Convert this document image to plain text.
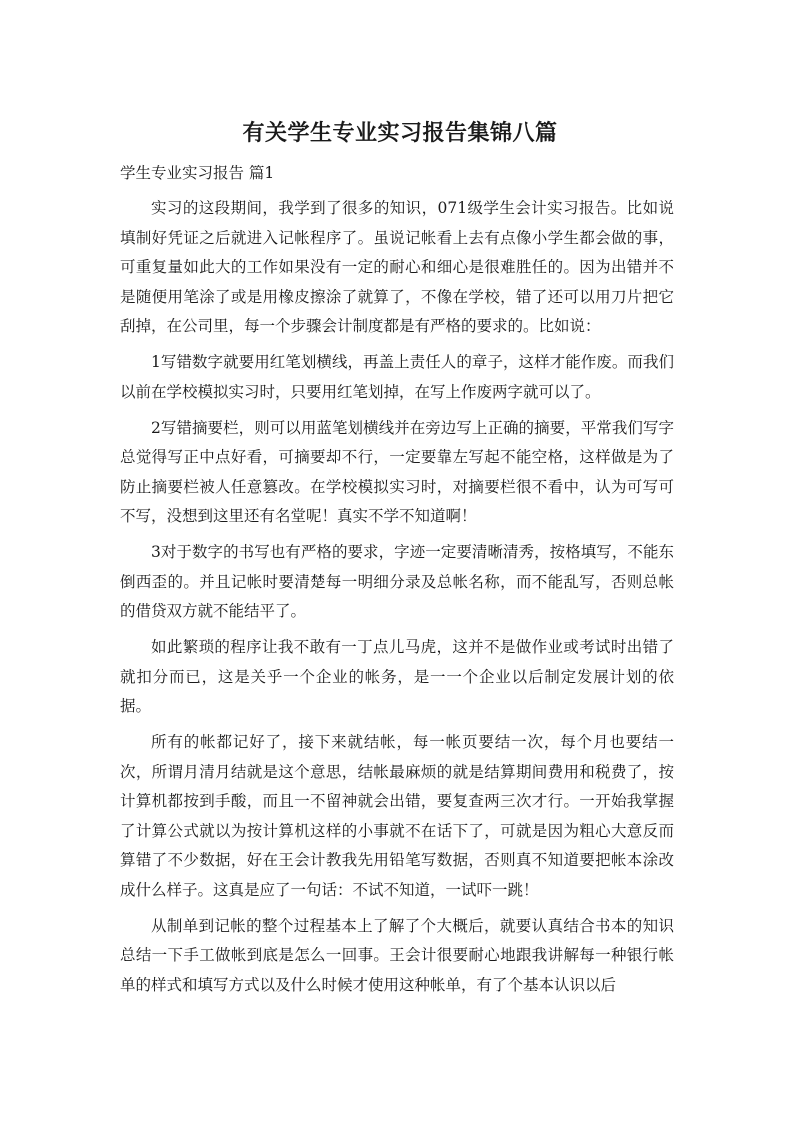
有关学生专业实习报告集锦八篇
学生专业实习报告 篇1

实习的这段期间，我学到了很多的知识，071级学生会计实习报告。比如说填制好凭证之后就进入记帐程序了。虽说记帐看上去有点像小学生都会做的事，可重复量如此大的工作如果没有一定的耐心和细心是很难胜任的。因为出错并不是随便用笔涂了或是用橡皮擦涂了就算了，不像在学校，错了还可以用刀片把它刮掉，在公司里，每一个步骤会计制度都是有严格的要求的。比如说：

1写错数字就要用红笔划横线，再盖上责任人的章子，这样才能作废。而我们以前在学校模拟实习时，只要用红笔划掉，在写上作废两字就可以了。

2写错摘要栏，则可以用蓝笔划横线并在旁边写上正确的摘要，平常我们写字总觉得写正中点好看，可摘要却不行，一定要靠左写起不能空格，这样做是为了防止摘要栏被人任意篡改。在学校模拟实习时，对摘要栏很不看中，认为可写可不写，没想到这里还有名堂呢！真实不学不知道啊！

3对于数字的书写也有严格的要求，字迹一定要清晰清秀，按格填写，不能东倒西歪的。并且记帐时要清楚每一明细分录及总帐名称，而不能乱写，否则总帐的借贷双方就不能结平了。

如此繁琐的程序让我不敢有一丁点儿马虎，这并不是做作业或考试时出错了就扣分而已，这是关乎一个企业的帐务，是一一个企业以后制定发展计划的依据。

所有的帐都记好了，接下来就结帐，每一帐页要结一次，每个月也要结一次，所谓月清月结就是这个意思，结帐最麻烦的就是结算期间费用和税费了，按计算机都按到手酸，而且一不留神就会出错，要复查两三次才行。一开始我掌握了计算公式就以为按计算机这样的小事就不在话下了，可就是因为粗心大意反而算错了不少数据，好在王会计教我先用铅笔写数据，否则真不知道要把帐本涂改成什么样子。这真是应了一句话：不试不知道，一试吓一跳！

从制单到记帐的整个过程基本上了解了个大概后，就要认真结合书本的知识总结一下手工做帐到底是怎么一回事。王会计很要耐心地跟我讲解每一种银行帐单的样式和填写方式以及什么时候才使用这种帐单，有了个基本认识以后
